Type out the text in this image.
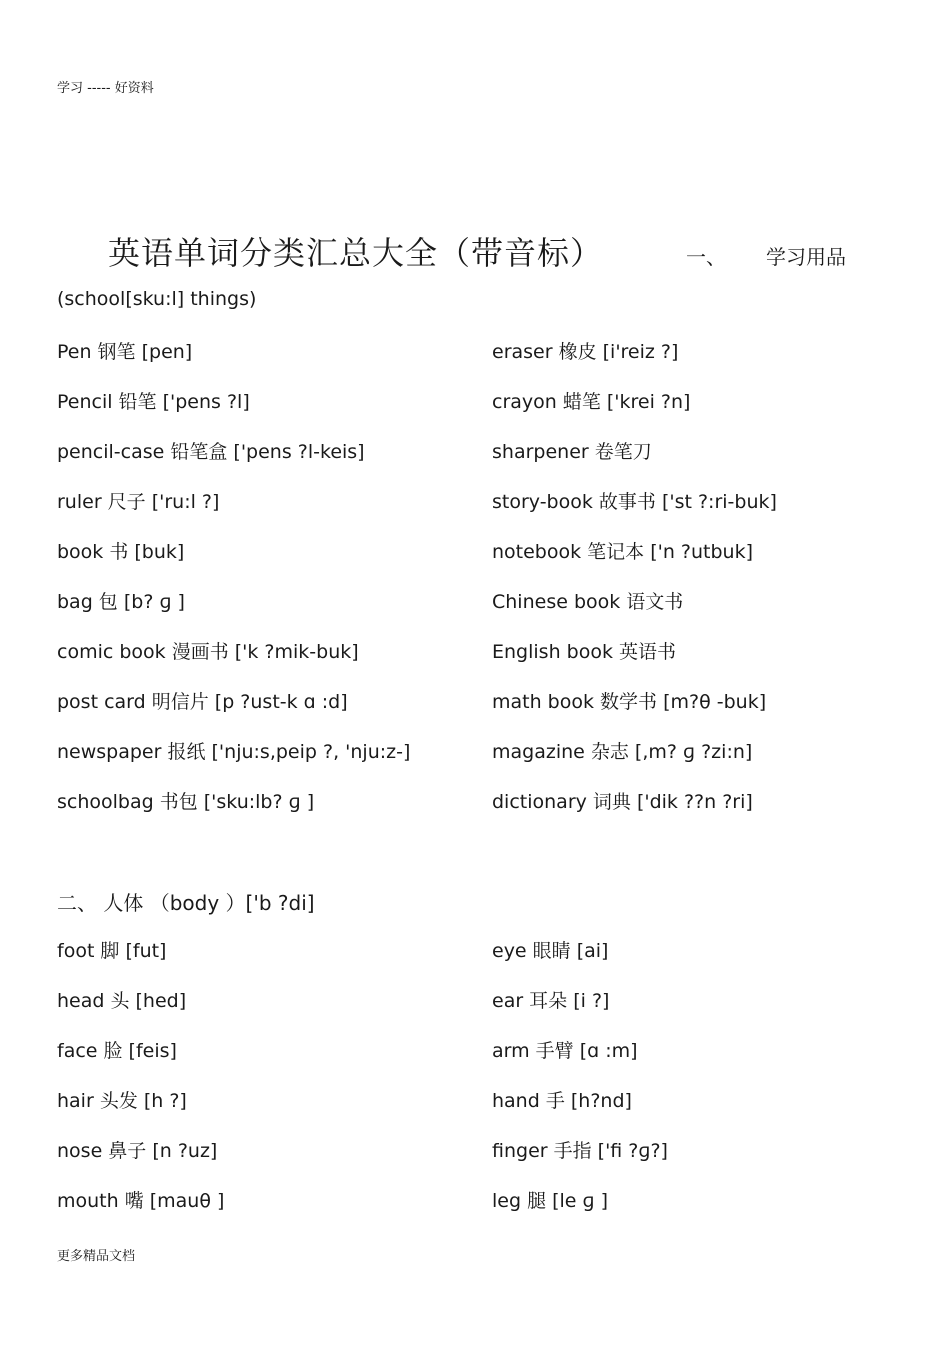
学习 ----- 好资料
英语单词分类汇总大全（带音标）	一、 学习用品
(school[sku:l] things)
Pen 钢笔 [pen]	eraser 橡皮 [i'reiz ?]
Pencil 铅笔 ['pens ?l]	crayon 蜡笔 ['krei ?n]
pencil-case 铅笔盒 ['pens ?l-keis]	sharpener 卷笔刀
ruler 尺子 ['ru:l ?]	story-book 故事书 ['st ?:ri-buk]
book 书 [buk]	notebook 笔记本 ['n ?utbuk]
bag 包 [b? ɡ ]	Chinese book 语文书
comic book 漫画书 ['k ?mik-buk]	English book 英语书
post card 明信片 [p ?ust-k ɑ :d]	math book 数学书 [m?θ -buk]
newspaper 报纸 ['nju:s,peip ?, 'nju:z-]	magazine 杂志 [,m? ɡ ?zi:n]
schoolbag 书包 ['sku:lb? ɡ ]	dictionary 词典 ['dik ??n ?ri]
二、 人体 （body ）['b ?di]
foot 脚 [fut]	eye 眼睛 [ai]
head 头 [hed]	ear 耳朵 [i ?]
face 脸 [feis]	arm 手臂 [ɑ :m]
hair 头发 [h ?]	hand 手 [h?nd]
nose 鼻子 [n ?uz]	finger 手指 ['fi ?ɡ?]
mouth 嘴 [mauθ ]	leg 腿 [le ɡ ]
更多精品文档
